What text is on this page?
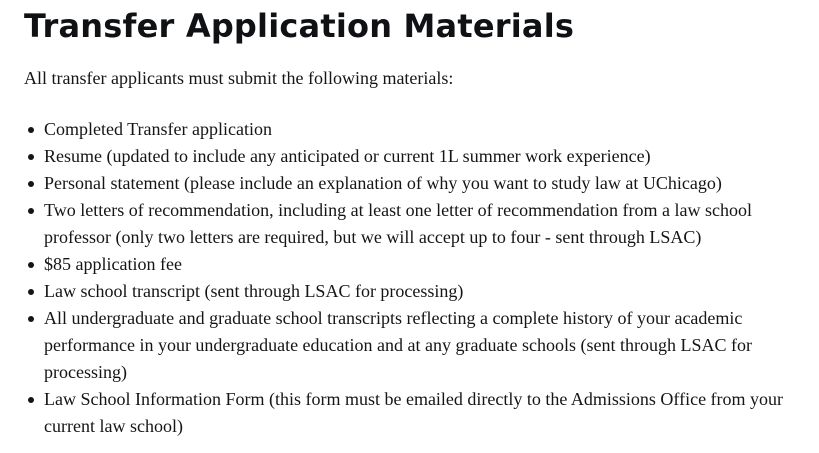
Transfer Application Materials

All transfer applicants must submit the following materials:

Completed Transfer application
Resume (updated to include any anticipated or current 1L summer work experience)
Personal statement (please include an explanation of why you want to study law at UChicago)
Two letters of recommendation, including at least one letter of recommendation from a law school professor (only two letters are required, but we will accept up to four - sent through LSAC)
$85 application fee
Law school transcript (sent through LSAC for processing)
All undergraduate and graduate school transcripts reflecting a complete history of your academic performance in your undergraduate education and at any graduate schools (sent through LSAC for processing)
Law School Information Form (this form must be emailed directly to the Admissions Office from your current law school)
